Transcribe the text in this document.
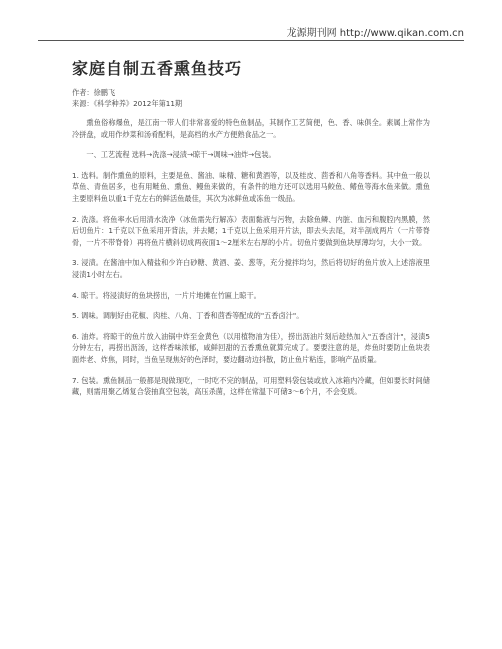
龙源期刊网 http://www.qikan.com.cn
家庭自制五香熏鱼技巧
作者：徐鹏飞
来源：《科学种养》2012年第11期

熏鱼俗称爆鱼，是江南一带人们非常喜爱的特色鱼制品，其制作工艺简便，色、香、味俱全。素属上常作为冷拼盘，或用作炒菜和汤肴配料，是高档的水产方便熟食品之一。

一、工艺流程 选料→洗涤→浸渍→晾干→调味→油炸→包装。

1. 选料。制作熏鱼的原料，主要是鱼、酱油、味精、糖和黄酒等，以及桂皮、茴香和八角等香料。其中鱼一般以草鱼、青鱼居多，也有用鲢鱼、熏鱼、鳗鱼来做的，有条件的地方还可以选用马鲛鱼、鳍鱼等海水鱼来做。熏鱼主要原料鱼以重1千克左右的鲜活鱼最佳，其次为冰鲜鱼或冻鱼一级品。

2. 洗涤。将鱼率水后用清水洗净（冰鱼需先行解冻）表面黏液与污物，去除鱼鳞、内脏、血污和腹腔内黑膜，然后切鱼片：1千克以下鱼采用开背法，并去鳃；1千克以上鱼采用开片法，即去头去尾，对半剖成两片（一片带脊骨，一片不带脊骨）再将鱼片横斜切成两夜面1～2厘米左右厚的小片。切鱼片要做到鱼块厚薄均匀，大小一致。

3. 浸渍。在酱油中加入精盐和少许白砂糖、黄酒、姜、葱等，充分搅拌均匀，然后将切好的鱼片放入上述溶液里浸渍1小时左右。

4. 晾干。将浸渍好的鱼块捞出，一片片地摊在竹匾上晾干。

5. 调味。调制好由花椒、肉桂、八角、丁香和茴香等配成的"五香卤汁"。

6. 油炸。将晾干的鱼片放入油锅中炸至金黄色（以用植物油为佳），捞出沥油片刻后趁热加入"五香卤汁"，浸渍5分钟左右，再捞出沥汤，这样香味浓郁，咸鲜回甜的五香熏鱼就算完成了。要要注意的是，炸鱼时要防止鱼块表面炸老、炸焦，同时，当鱼呈现焦好的色泽时，要边翻动边抖散，防止鱼片粘连，影响产品质量。

7. 包装。熏鱼制品一般都是现做现吃，一时吃不完的制品，可用塑料袋包装或放入冰箱内冷藏，但如要长时间储藏，则需用聚乙烯复合袋抽真空包装，高压杀菌，这样在常温下可储3～6个月，不会变质。
